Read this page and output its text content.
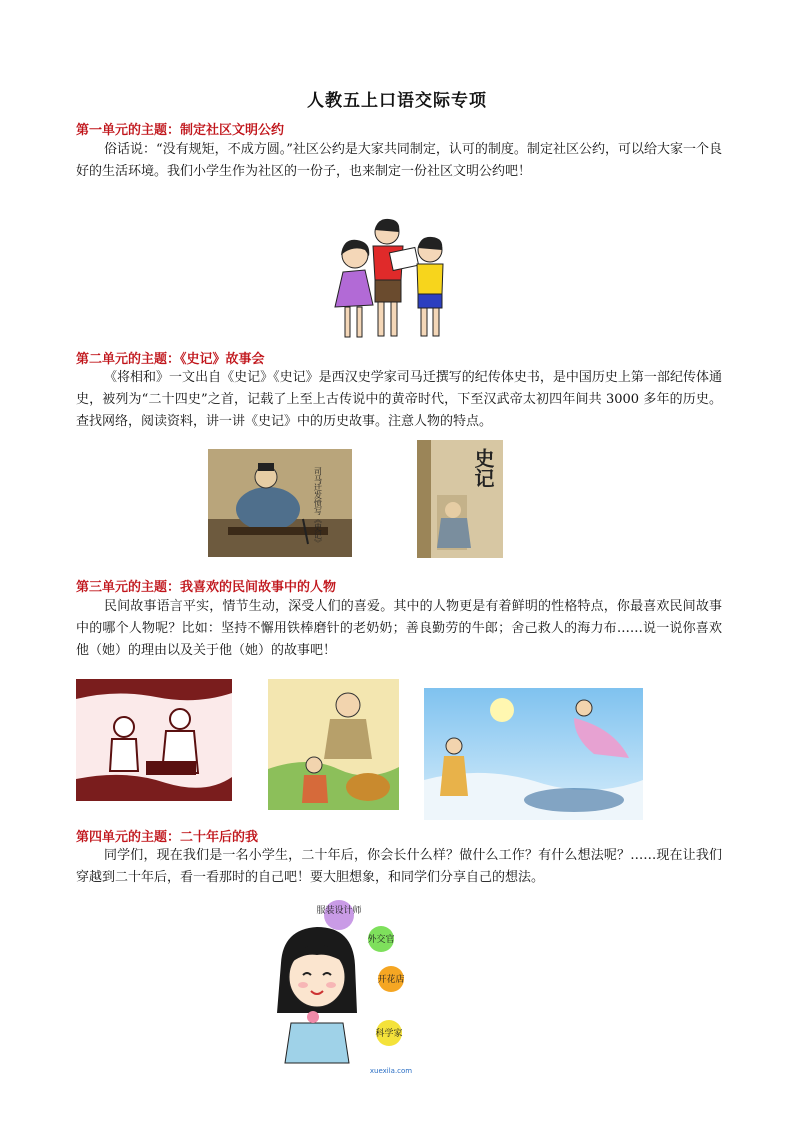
人教五上口语交际专项
第一单元的主题：制定社区文明公约

俗话说：“没有规矩，不成方圆。”社区公约是大家共同制定，认可的制度。制定社区公约，可以给大家一个良好的生活环境。我们小学生作为社区的一份子，也来制定一份社区文明公约吧！

第二单元的主题：《史记》故事会

《将相和》一文出自《史记》《史记》是西汉史学家司马迁撰写的纪传体史书，是中国历史上第一部纪传体通史，被列为“二十四史”之首，记载了上至上古传说中的黄帝时代，下至汉武帝太初四年间共 3000 多年的历史。查找网络，阅读资料，讲一讲《史记》中的历史故事。注意人物的特点。

司马迁发愤写《史记》	史记
第三单元的主题：我喜欢的民间故事中的人物

民间故事语言平实，情节生动，深受人们的喜爱。其中的人物更是有着鲜明的性格特点，你最喜欢民间故事中的哪个人物呢？比如：坚持不懈用铁棒磨针的老奶奶；善良勤劳的牛郎；舍己救人的海力布……说一说你喜欢他（她）的理由以及关于他（她）的故事吧！

第四单元的主题：二十年后的我

同学们，现在我们是一名小学生，二十年后，你会长什么样？做什么工作？有什么想法呢？……现在让我们穿越到二十年后，看一看那时的自己吧！要大胆想象，和同学们分享自己的想法。

服装设计师
外交官
开花店
科学家
xuexila.com
